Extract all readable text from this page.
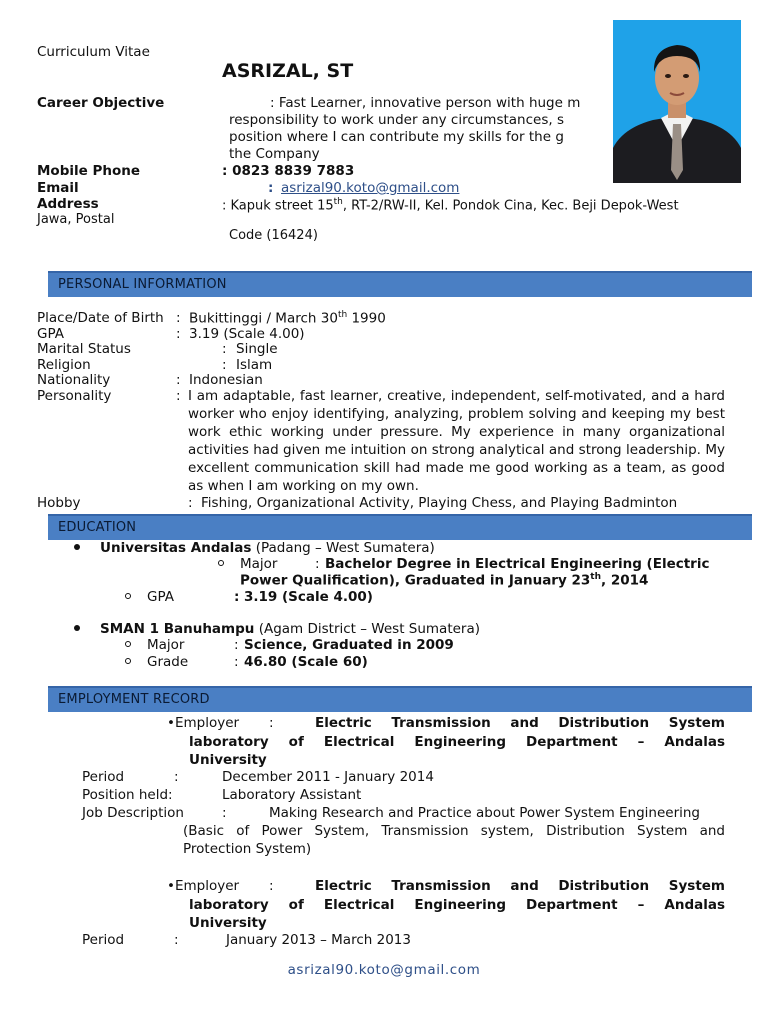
Curriculum Vitae
ASRIZAL, ST
Career Objective	: Fast Learner, innovative person with huge m
responsibility to work under any circumstances, s
position where I can contribute my skills for the g
the Company
Mobile Phone	: 0823 8839 7883
Email	: asrizal90.koto@gmail.com
Address	: Kapuk street 15th, RT-2/RW-II, Kel. Pondok Cina, Kec. Beji Depok-West
Jawa, Postal
Code (16424)
PERSONAL INFORMATION
Place/Date of Birth : Bukittinggi / March 30th 1990
GPA	: 3.19 (Scale 4.00)
Marital Status	: Single
Religion	: Islam
Nationality	: Indonesian
Personality	: I am adaptable, fast learner, creative, independent, self-motivated, and a hard worker who enjoy identifying, analyzing, problem solving and keeping my best work ethic working under pressure. My experience in many organizational activities had given me intuition on strong analytical and strong leadership. My excellent communication skill had made me good working as a team, as good as when I am working on my own.
Hobby	: Fishing, Organizational Activity, Playing Chess, and Playing Badminton
EDUCATION
Universitas Andalas (Padang – West Sumatera)
Major	: Bachelor Degree in Electrical Engineering (Electric
Power Qualification), Graduated in January 23th, 2014
GPA	: 3.19 (Scale 4.00)
SMAN 1 Banuhampu (Agam District – West Sumatera)
Major	: Science, Graduated in 2009
Grade	: 46.80 (Scale 60)
EMPLOYMENT RECORD
•Employer :	Electric Transmission and Distribution System
laboratory of Electrical Engineering Department – Andalas
University
Period	:	December 2011 - January 2014
Position held:	Laboratory Assistant
Job Description	:	Making Research and Practice about Power System Engineering
(Basic of Power System, Transmission system, Distribution System and
Protection System)
•Employer :	Electric Transmission and Distribution System
laboratory of Electrical Engineering Department – Andalas
University
Period	:	January 2013 – March 2013
asrizal90.koto@gmail.com
